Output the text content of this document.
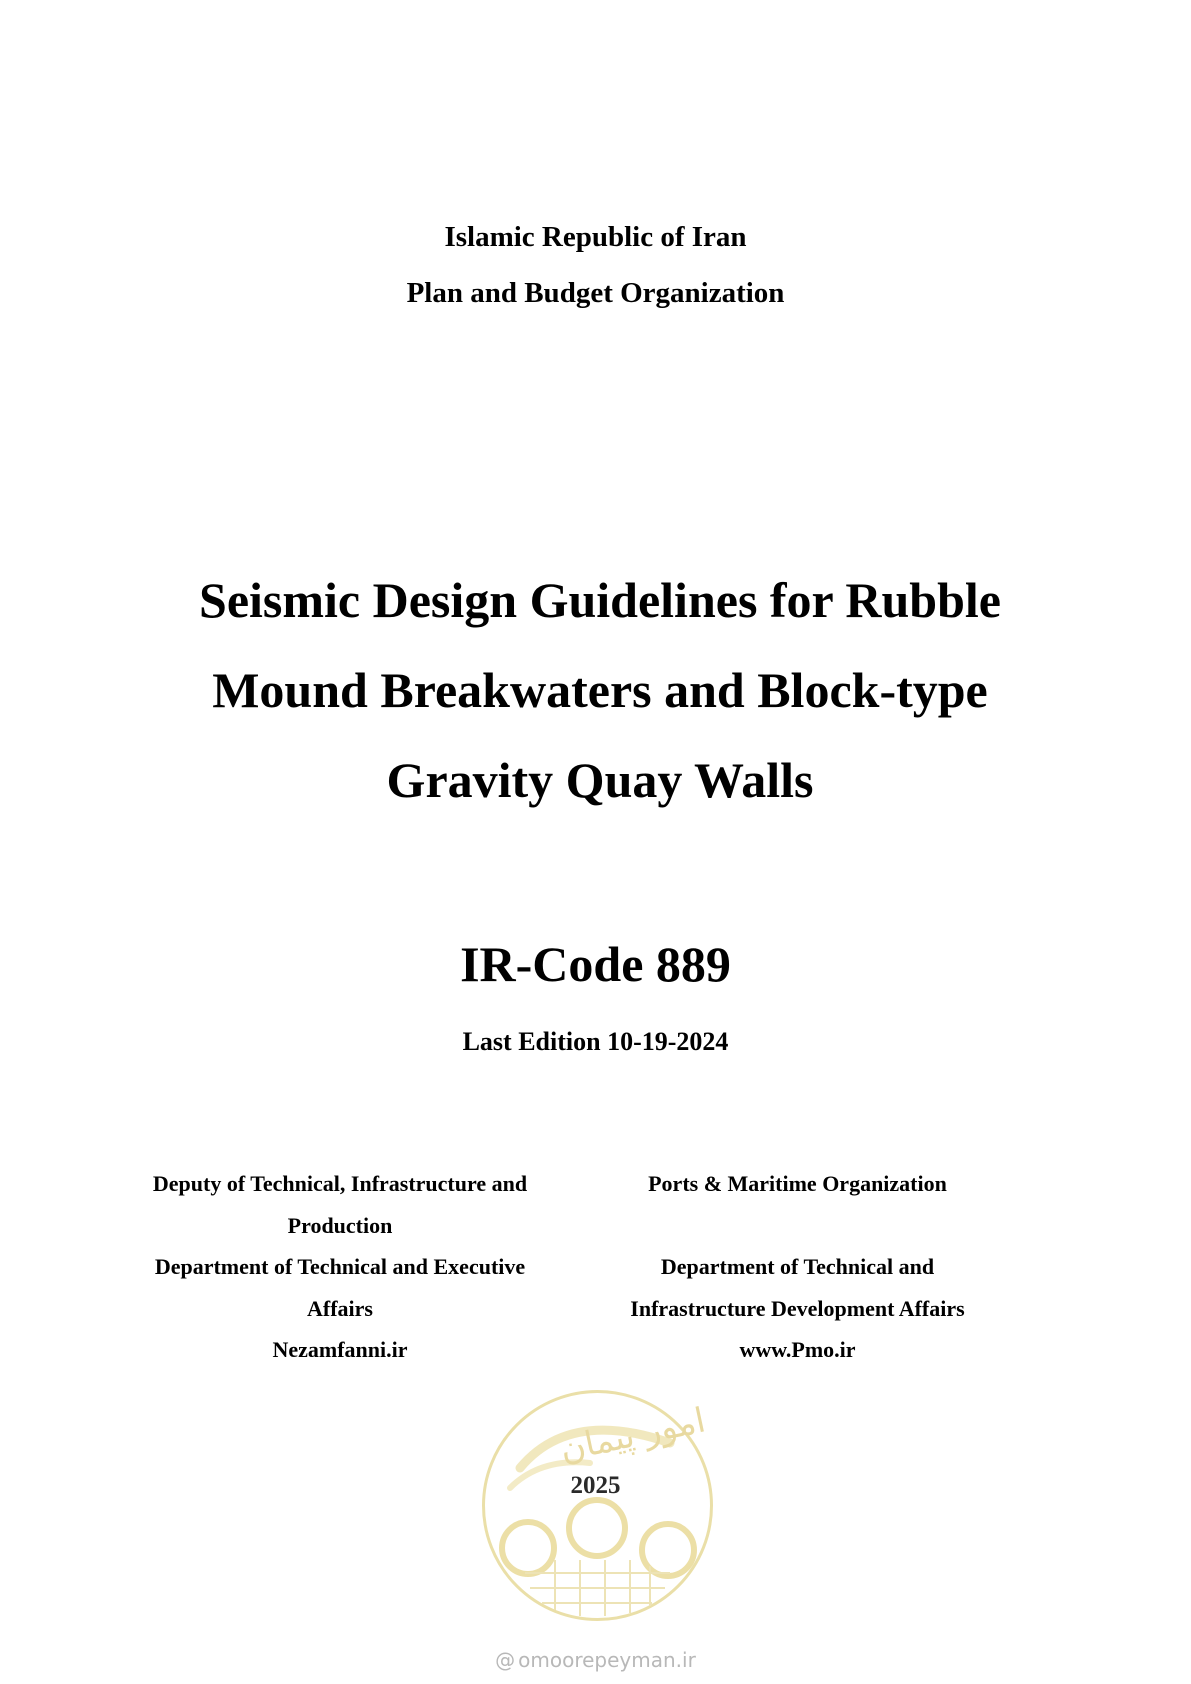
Islamic Republic of Iran
Plan and Budget Organization
Seismic Design Guidelines for Rubble
Mound Breakwaters and Block-type
Gravity Quay Walls
IR-Code 889
Last Edition 10-19-2024
Deputy of Technical, Infrastructure and
Production
Department of Technical and Executive
Affairs
Nezamfanni.ir
Ports & Maritime Organization
Department of Technical and
Infrastructure Development Affairs
www.Pmo.ir
امور پیمان
2025
@ omoorepeyman.ir
